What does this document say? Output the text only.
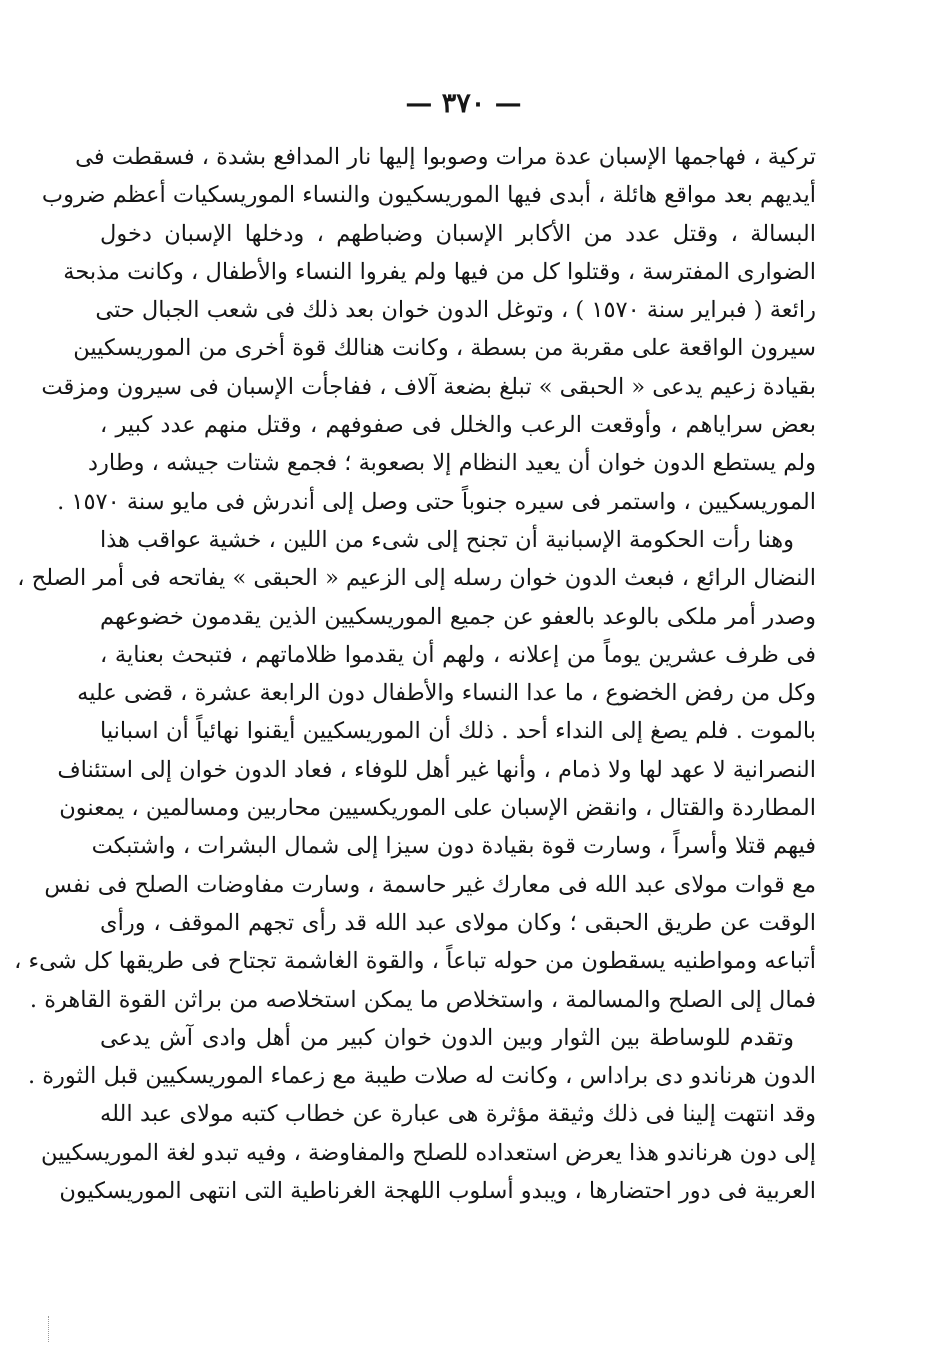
— ٣٧٠ —
تركية ، فهاجمها الإسبان عدة مرات وصوبوا إليها نار المدافع بشدة ، فسقطت فى
أيديهم بعد مواقع هائلة ، أبدى فيها الموريسكيون والنساء الموريسكيات أعظم ضروب
البسالة ، وقتل عدد من الأكابر الإسبان وضباطهم ، ودخلها الإسبان دخول
الضوارى المفترسة ، وقتلوا كل من فيها ولم يفروا النساء والأطفال ، وكانت مذبحة
رائعة ( فبراير سنة ١٥٧٠ ) ، وتوغل الدون خوان بعد ذلك فى شعب الجبال حتى
سيرون الواقعة على مقربة من بسطة ، وكانت هنالك قوة أخرى من الموريسكيين
بقيادة زعيم يدعى « الحبقى » تبلغ بضعة آلاف ، ففاجأت الإسبان فى سيرون ومزقت
بعض سراياهم ، وأوقعت الرعب والخلل فى صفوفهم ، وقتل منهم عدد كبير ،
ولم يستطع الدون خوان أن يعيد النظام إلا بصعوبة ؛ فجمع شتات جيشه ، وطارد
الموريسكيين ، واستمر فى سيره جنوباً حتى وصل إلى أندرش فى مايو سنة ١٥٧٠ .
وهنا رأت الحكومة الإسبانية أن تجنح إلى شىء من اللين ، خشية عواقب هذا
النضال الرائع ، فبعث الدون خوان رسله إلى الزعيم « الحبقى » يفاتحه فى أمر الصلح ،
وصدر أمر ملكى بالوعد بالعفو عن جميع الموريسكيين الذين يقدمون خضوعهم
فى ظرف عشرين يوماً من إعلانه ، ولهم أن يقدموا ظلاماتهم ، فتبحث بعناية ،
وكل من رفض الخضوع ، ما عدا النساء والأطفال دون الرابعة عشرة ، قضى عليه
بالموت . فلم يصغ إلى النداء أحد . ذلك أن الموريسكيين أيقنوا نهائياً أن اسبانيا
النصرانية لا عهد لها ولا ذمام ، وأنها غير أهل للوفاء ، فعاد الدون خوان إلى استئناف
المطاردة والقتال ، وانقض الإسبان على الموريكسيين محاربين ومسالمين ، يمعنون
فيهم قتلا وأسراً ، وسارت قوة بقيادة دون سيزا إلى شمال البشرات ، واشتبكت
مع قوات مولاى عبد الله فى معارك غير حاسمة ، وسارت مفاوضات الصلح فى نفس
الوقت عن طريق الحبقى ؛ وكان مولاى عبد الله قد رأى تجهم الموقف ، ورأى
أتباعه ومواطنيه يسقطون من حوله تباعاً ، والقوة الغاشمة تجتاح فى طريقها كل شىء ،
فمال إلى الصلح والمسالمة ، واستخلاص ما يمكن استخلاصه من براثن القوة القاهرة .
وتقدم للوساطة بين الثوار وبين الدون خوان كبير من أهل وادى آش يدعى
الدون هرناندو دى براداس ، وكانت له صلات طيبة مع زعماء الموريسكيين قبل الثورة .
وقد انتهت إلينا فى ذلك وثيقة مؤثرة هى عبارة عن خطاب كتبه مولاى عبد الله
إلى دون هرناندو هذا يعرض استعداده للصلح والمفاوضة ، وفيه تبدو لغة الموريسكيين
العربية فى دور احتضارها ، ويبدو أسلوب اللهجة الغرناطية التى انتهى الموريسكيون
